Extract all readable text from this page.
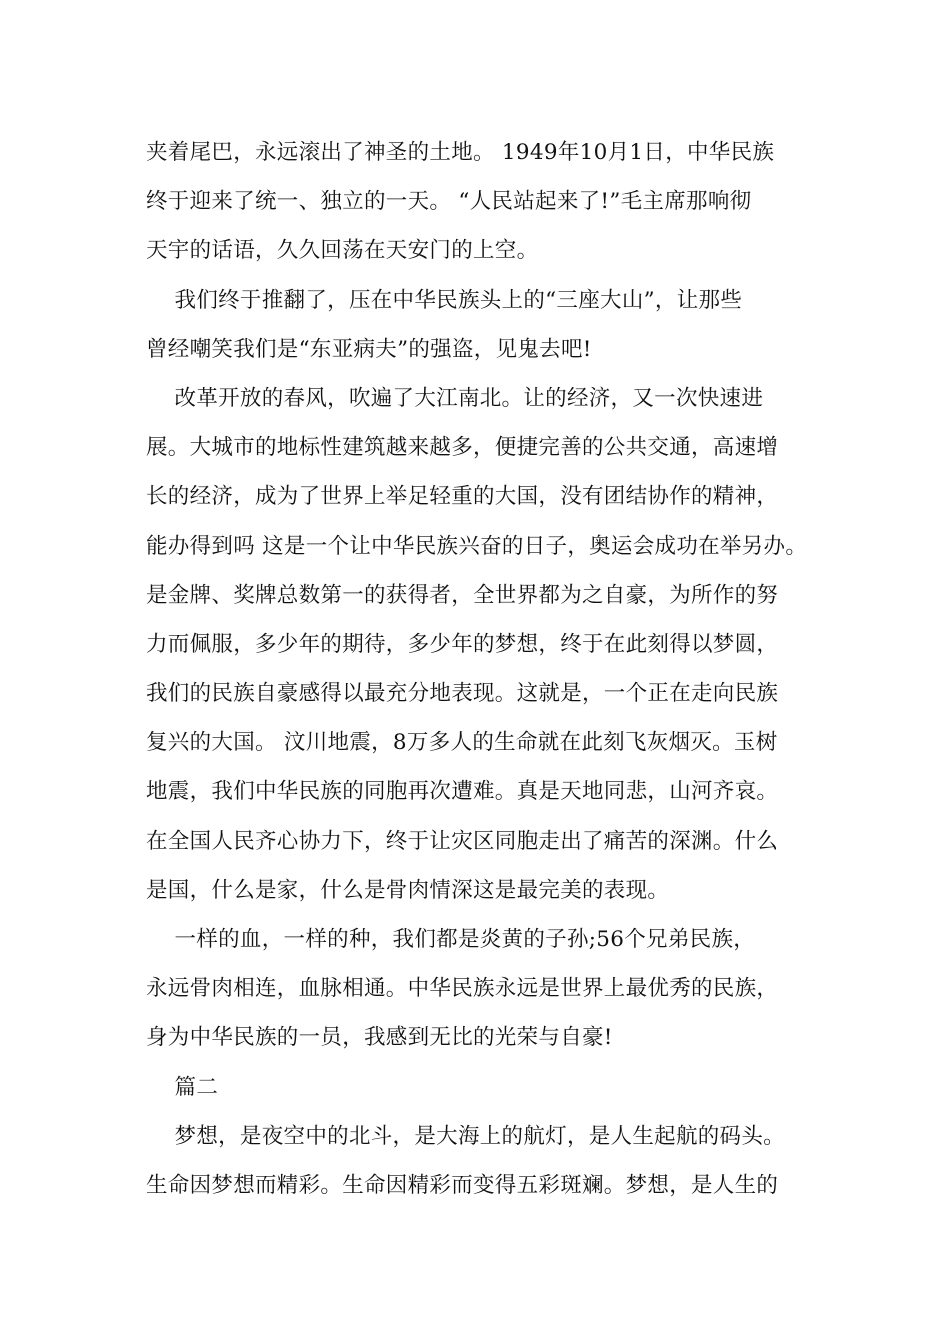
夹着尾巴，永远滚出了神圣的土地。 1949年10月1日，中华民族
终于迎来了统一、独立的一天。 “人民站起来了!”毛主席那响彻
天宇的话语，久久回荡在天安门的上空。
我们终于推翻了，压在中华民族头上的“三座大山”，让那些
曾经嘲笑我们是“东亚病夫”的强盗，见鬼去吧!
改革开放的春风，吹遍了大江南北。让的经济，又一次快速进
展。大城市的地标性建筑越来越多，便捷完善的公共交通，高速增
长的经济，成为了世界上举足轻重的大国，没有团结协作的精神，
能办得到吗 这是一个让中华民族兴奋的日子，奥运会成功在举另办。
是金牌、奖牌总数第一的获得者，全世界都为之自豪，为所作的努
力而佩服，多少年的期待，多少年的梦想，终于在此刻得以梦圆，
我们的民族自豪感得以最充分地表现。这就是，一个正在走向民族
复兴的大国。 汶川地震，8万多人的生命就在此刻飞灰烟灭。玉树
地震，我们中华民族的同胞再次遭难。真是天地同悲，山河齐哀。
在全国人民齐心协力下，终于让灾区同胞走出了痛苦的深渊。什么
是国，什么是家，什么是骨肉情深这是最完美的表现。
一样的血，一样的种，我们都是炎黄的子孙;56个兄弟民族，
永远骨肉相连，血脉相通。中华民族永远是世界上最优秀的民族，
身为中华民族的一员，我感到无比的光荣与自豪!
篇二
梦想，是夜空中的北斗，是大海上的航灯，是人生起航的码头。
生命因梦想而精彩。生命因精彩而变得五彩斑斓。梦想，是人生的
